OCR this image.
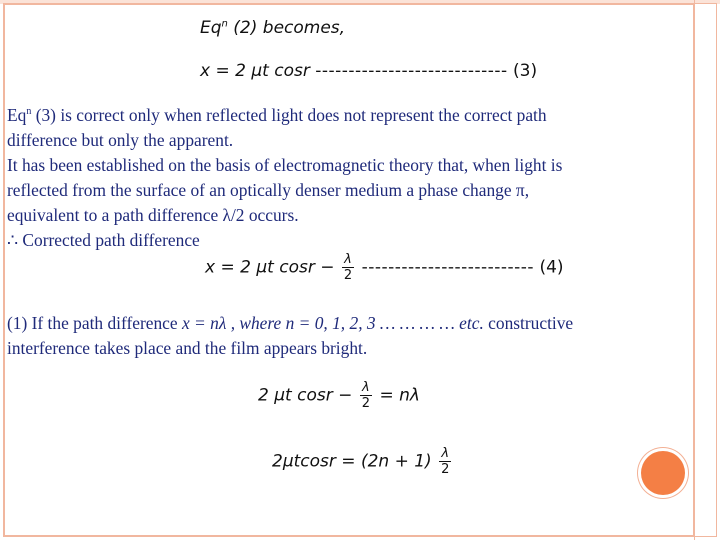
Eq$^n$ (2) becomes,
x = 2 μt cosr ----------------------------- (3)
Eq$^n$ (3) is correct only when reflected light does not represent the correct path
difference but only the apparent.
It has been established on the basis of electromagnetic theory that, when light is
reflected from the surface of an optically denser medium a phase change π,
equivalent to a path difference λ/2 occurs.
∴ Corrected path difference
x = 2 μt $\cos r - \frac{\lambda}{2}$ -------------------------- (4)
(1) If the path difference x = nλ , where n = 0, 1, 2, 3 … … … … etc. constructive
interference takes place and the film appears bright.
2 μt $\cos r - \frac{\lambda}{2} = n\lambda$
$2\mu tcosr = (2n + 1) \frac{\lambda}{2}$
